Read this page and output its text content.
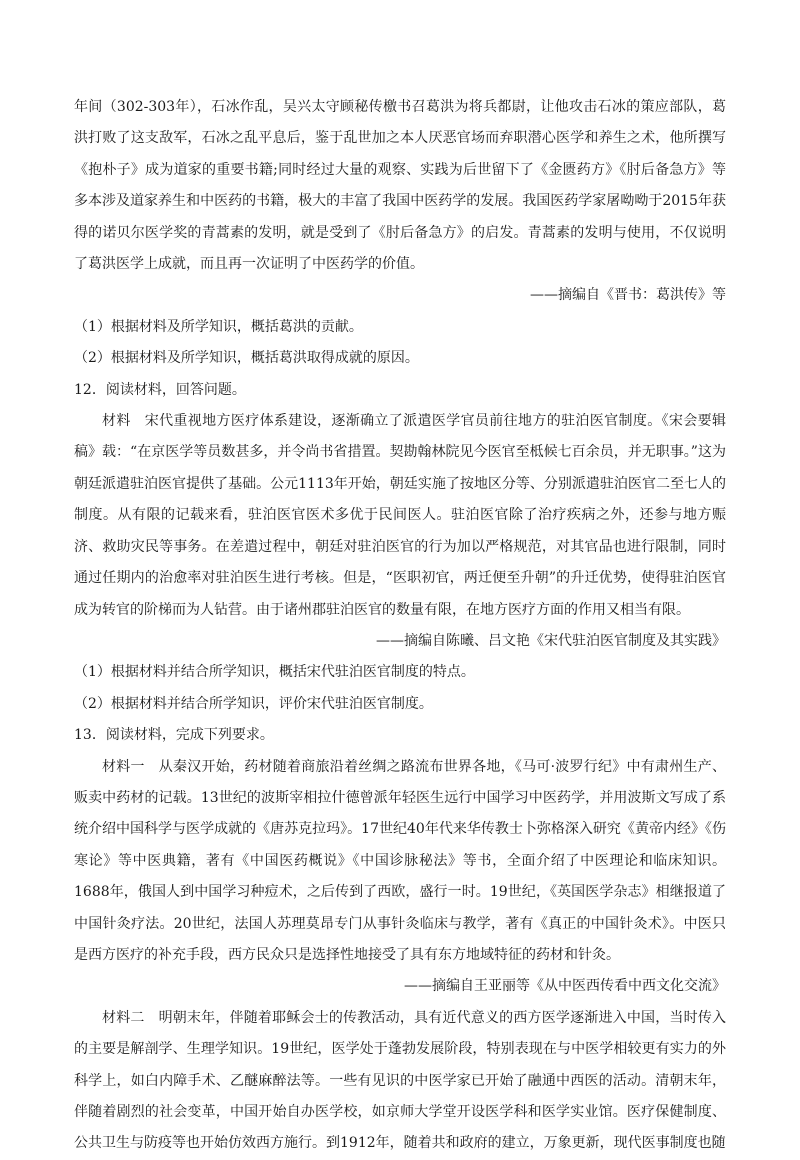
年间（302-303年），石冰作乱，吴兴太守顾秘传檄书召葛洪为将兵都尉，让他攻击石冰的策应部队，葛洪打败了这支敌军，石冰之乱平息后，鉴于乱世加之本人厌恶官场而弃职潜心医学和养生之术，他所撰写《抱朴子》成为道家的重要书籍;同时经过大量的观察、实践为后世留下了《金匮药方》《肘后备急方》等多本涉及道家养生和中医药的书籍，极大的丰富了我国中医药学的发展。我国医药学家屠呦呦于2015年获得的诺贝尔医学奖的青蒿素的发明，就是受到了《肘后备急方》的启发。青蒿素的发明与使用，不仅说明了葛洪医学上成就，而且再一次证明了中医药学的价值。

——摘编自《晋书：葛洪传》等

（1）根据材料及所学知识，概括葛洪的贡献。

（2）根据材料及所学知识，概括葛洪取得成就的原因。

12．阅读材料，回答问题。

材料 宋代重视地方医疗体系建设，逐渐确立了派遣医学官员前往地方的驻泊医官制度。《宋会要辑稿》载：“在京医学等员数甚多，并令尚书省措置。契勘翰林院见今医官至柢候七百余员，并无职事。”这为朝廷派遣驻泊医官提供了基础。公元1113年开始，朝廷实施了按地区分等、分别派遣驻泊医官二至七人的制度。从有限的记载来看，驻泊医官医术多优于民间医人。驻泊医官除了治疗疾病之外，还参与地方赈济、救助灾民等事务。在差遣过程中，朝廷对驻泊医官的行为加以严格规范，对其官品也进行限制，同时通过任期内的治愈率对驻泊医生进行考核。但是，“医职初官，两迁便至升朝”的升迁优势，使得驻泊医官成为转官的阶梯而为人钻营。由于诸州郡驻泊医官的数量有限，在地方医疗方面的作用又相当有限。

——摘编自陈曦、吕文艳《宋代驻泊医官制度及其实践》

（1）根据材料并结合所学知识，概括宋代驻泊医官制度的特点。

（2）根据材料并结合所学知识，评价宋代驻泊医官制度。

13．阅读材料，完成下列要求。

材料一 从秦汉开始，药材随着商旅沿着丝绸之路流布世界各地，《马可·波罗行纪》中有肃州生产、贩卖中药材的记载。13世纪的波斯宰相拉什德曾派年轻医生远行中国学习中医药学，并用波斯文写成了系统介绍中国科学与医学成就的《唐苏克拉玛》。17世纪40年代来华传教士卜弥格深入研究《黄帝内经》《伤寒论》等中医典籍，著有《中国医药概说》《中国诊脉秘法》等书，全面介绍了中医理论和临床知识。1688年，俄国人到中国学习种痘术，之后传到了西欧，盛行一时。19世纪，《英国医学杂志》相继报道了中国针灸疗法。20世纪，法国人苏理莫昂专门从事针灸临床与教学，著有《真正的中国针灸术》。中医只是西方医疗的补充手段，西方民众只是选择性地接受了具有东方地域特征的药材和针灸。

——摘编自王亚丽等《从中医西传看中西文化交流》

材料二 明朝末年，伴随着耶稣会士的传教活动，具有近代意义的西方医学逐渐进入中国，当时传入的主要是解剖学、生理学知识。19世纪，医学处于蓬勃发展阶段，特别表现在与中医学相较更有实力的外科学上，如白内障手术、乙醚麻醉法等。一些有见识的中医学家已开始了融通中西医的活动。清朝末年，伴随着剧烈的社会变革，中国开始自办医学校，如京师大学堂开设医学科和医学实业馆。医疗保健制度、公共卫生与防疫等也开始仿效西方施行。到1912年，随着共和政府的建立，万象更新，现代医事制度也随
